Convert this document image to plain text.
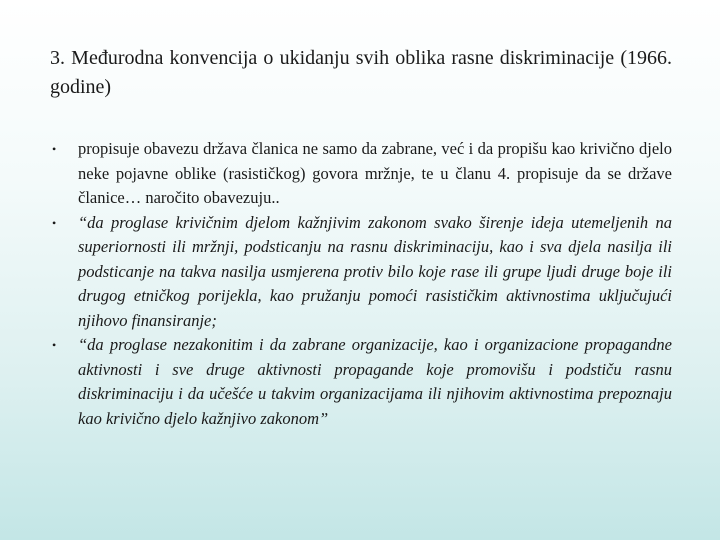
3. Međurodna konvencija o ukidanju svih oblika rasne diskriminacije (1966. godine)
• propisuje obavezu država članica ne samo da zabrane, već i da propišu kao krivično djelo neke pojavne oblike (rasističkog) govora mržnje, te u članu 4. propisuje da se države članice… naročito obavezuju..
• “da proglase krivičnim djelom kažnjivim zakonom svako širenje ideja utemeljenih na superiornosti ili mržnji, podsticanju na rasnu diskriminaciju, kao i sva djela nasilja ili podsticanje na takva nasilja usmjerena protiv bilo koje rase ili grupe ljudi druge boje ili drugog etničkog porijekla, kao pružanju pomoći rasističkim aktivnostima uključujući njihovo finansiranje;
• “da proglase nezakonitim i da zabrane organizacije, kao i organizacione propagandne aktivnosti i sve druge aktivnosti propagande koje promovišu i podstiču rasnu diskriminaciju i da učešće u takvim organizacijama ili njihovim aktivnostima prepoznaju kao krivično djelo kažnjivo zakonom”
